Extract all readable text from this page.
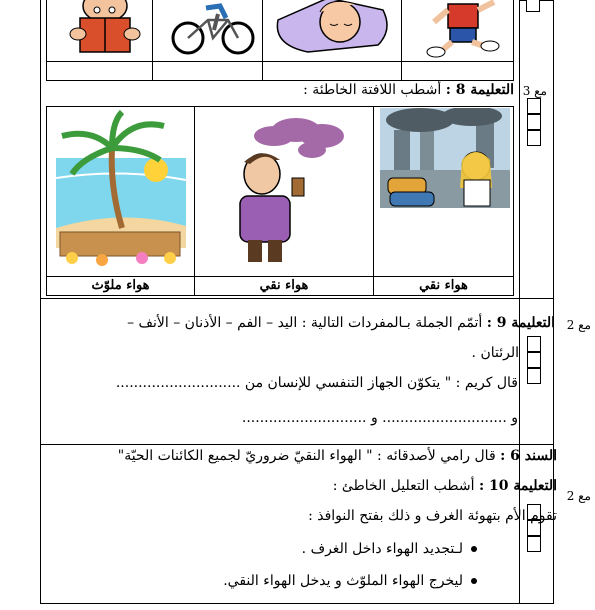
مع 3
التعليمة 8 : أشطب اللافتة الخاطئة :
هواء نقي
هواء نقي
هواء ملوّث
مع 2
التعليمة 9 : أتمّم الجملة بـالمفردات التالية : اليد – الفم – الأذنان – الأنف –
الرئتان .
قال كريم : " يتكوّن الجهاز التنفسي للإنسان من ............................
و ............................ و ............................
مع 2
السند 6 : قال رامي لأصدقائه : " الهواء النقيّ ضروريّ لجميع الكائنات الحيّة"
التعليمة 10 : أشطب التعليل الخاطئ :
تقوم الأم بتهوئة الغرف و ذلك بفتح النوافذ :
لـتجديد الهواء داخل الغرف .
ليخرج الهواء الملوّث و يدخل الهواء النقي.
